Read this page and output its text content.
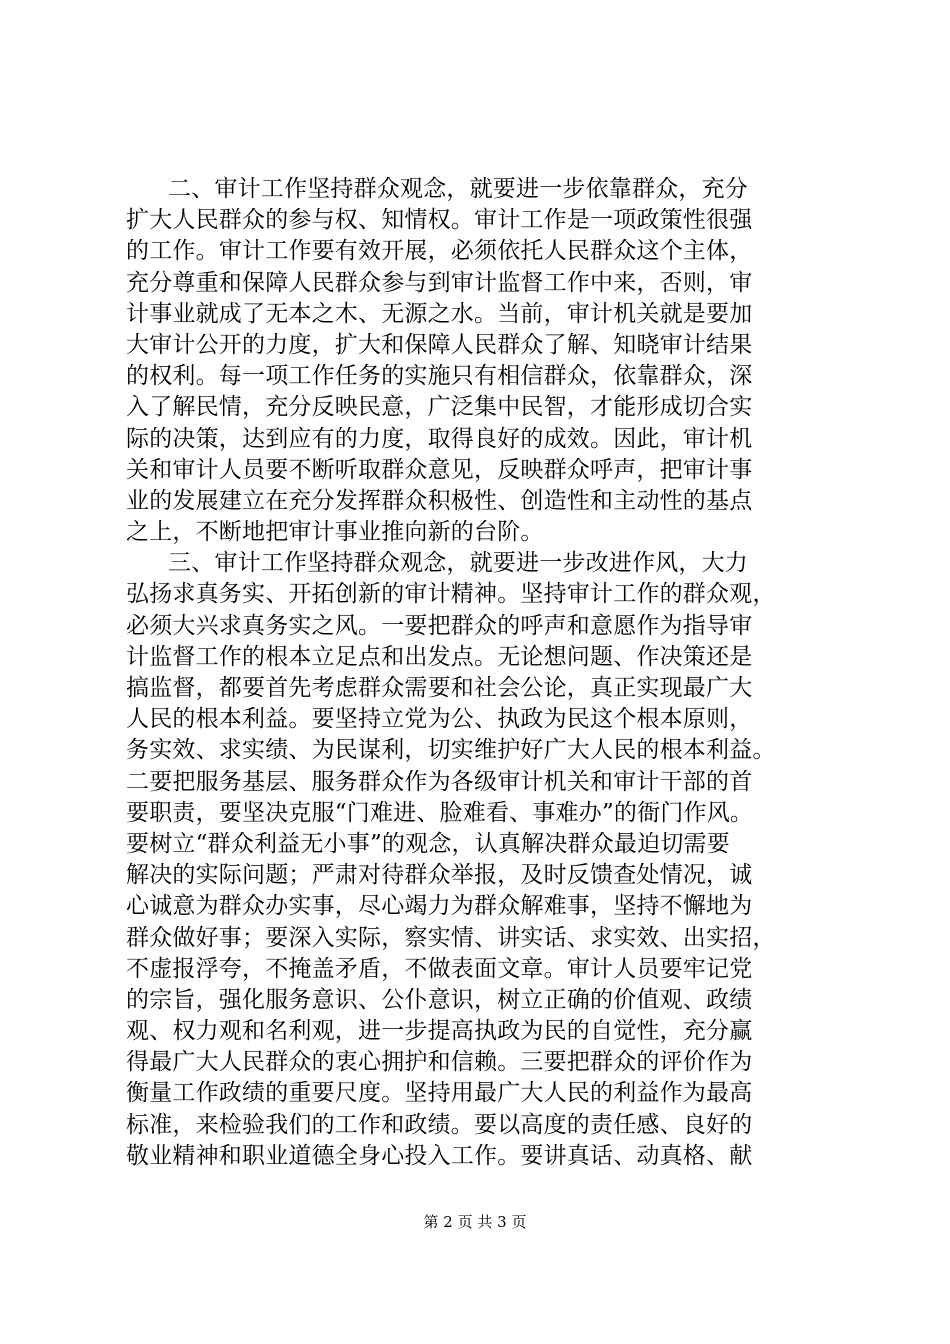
二、审计工作坚持群众观念，就要进一步依靠群众，充分
扩大人民群众的参与权、知情权。审计工作是一项政策性很强
的工作。审计工作要有效开展，必须依托人民群众这个主体，
充分尊重和保障人民群众参与到审计监督工作中来，否则，审
计事业就成了无本之木、无源之水。当前，审计机关就是要加
大审计公开的力度，扩大和保障人民群众了解、知晓审计结果
的权利。每一项工作任务的实施只有相信群众，依靠群众，深
入了解民情，充分反映民意，广泛集中民智，才能形成切合实
际的决策，达到应有的力度，取得良好的成效。因此，审计机
关和审计人员要不断听取群众意见，反映群众呼声，把审计事
业的发展建立在充分发挥群众积极性、创造性和主动性的基点
之上，不断地把审计事业推向新的台阶。
三、审计工作坚持群众观念，就要进一步改进作风，大力
弘扬求真务实、开拓创新的审计精神。坚持审计工作的群众观，
必须大兴求真务实之风。一要把群众的呼声和意愿作为指导审
计监督工作的根本立足点和出发点。无论想问题、作决策还是
搞监督，都要首先考虑群众需要和社会公论，真正实现最广大
人民的根本利益。要坚持立党为公、执政为民这个根本原则，
务实效、求实绩、为民谋利，切实维护好广大人民的根本利益。
二要把服务基层、服务群众作为各级审计机关和审计干部的首
要职责，要坚决克服“门难进、脸难看、事难办”的衙门作风。
要树立“群众利益无小事”的观念，认真解决群众最迫切需要
解决的实际问题；严肃对待群众举报，及时反馈查处情况，诚
心诚意为群众办实事，尽心竭力为群众解难事，坚持不懈地为
群众做好事；要深入实际，察实情、讲实话、求实效、出实招，
不虚报浮夸，不掩盖矛盾，不做表面文章。审计人员要牢记党
的宗旨，强化服务意识、公仆意识，树立正确的价值观、政绩
观、权力观和名利观，进一步提高执政为民的自觉性，充分赢
得最广大人民群众的衷心拥护和信赖。三要把群众的评价作为
衡量工作政绩的重要尺度。坚持用最广大人民的利益作为最高
标准，来检验我们的工作和政绩。要以高度的责任感、良好的
敬业精神和职业道德全身心投入工作。要讲真话、动真格、献
第 2 页 共 3 页
